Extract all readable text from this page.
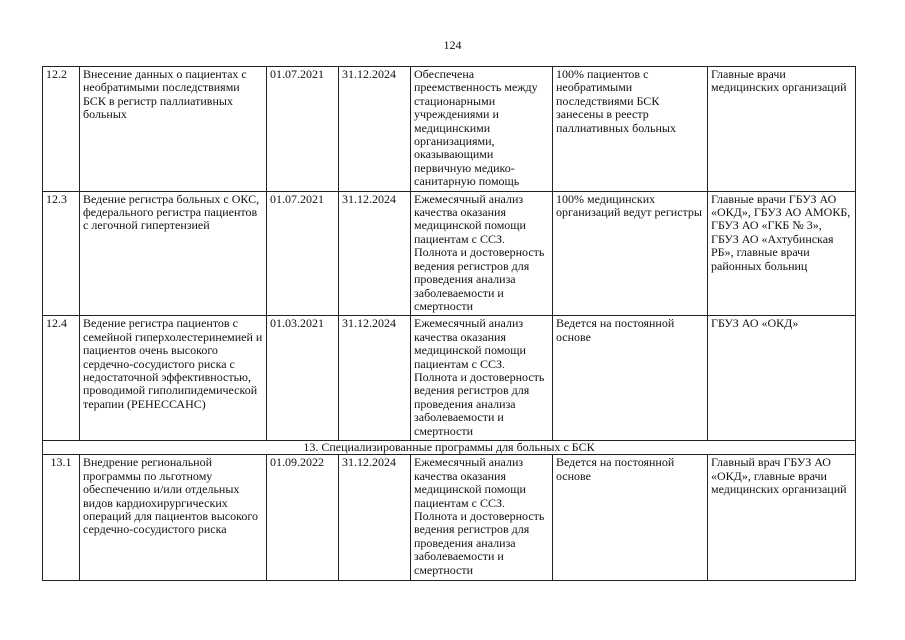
124
12.2	Внесение данных о пациентах с необратимыми последствиями БСК в регистр паллиативных больных	01.07.2021	31.12.2024	Обеспечена преемственность между стационарными учреждениями и медицинскими организациями, оказывающими первичную медико-санитарную помощь	100% пациентов с необратимыми последствиями БСК занесены в реестр паллиативных больных	Главные врачи медицинских организаций
12.3	Ведение регистра больных с ОКС, федерального регистра пациентов с легочной гипертензией	01.07.2021	31.12.2024	Ежемесячный анализ качества оказания медицинской помощи пациентам с ССЗ. Полнота и достоверность ведения регистров для проведения анализа заболеваемости и смертности	100% медицинских организаций ведут регистры	Главные врачи ГБУЗ АО «ОКД», ГБУЗ АО АМОКБ, ГБУЗ АО «ГКБ № 3», ГБУЗ АО «Ахтубинская РБ», главные врачи районных больниц
12.4	Ведение регистра пациентов с семейной гиперхолестеринемией и пациентов очень высокого сердечно-сосудистого риска с недостаточной эффективностью, проводимой гиполипидемической терапии (РЕНЕССАНС)	01.03.2021	31.12.2024	Ежемесячный анализ качества оказания медицинской помощи пациентам с ССЗ. Полнота и достоверность ведения регистров для проведения анализа заболеваемости и смертности	Ведется на постоянной основе	ГБУЗ АО «ОКД»
13. Специализированные программы для больных с БСК						
13.1	Внедрение региональной программы по льготному обеспечению и/или отдельных видов кардиохирургических операций для пациентов высокого сердечно-сосудистого риска	01.09.2022	31.12.2024	Ежемесячный анализ качества оказания медицинской помощи пациентам с ССЗ. Полнота и достоверность ведения регистров для проведения анализа заболеваемости и смертности	Ведется на постоянной основе	Главный врач ГБУЗ АО «ОКД», главные врачи медицинских организаций
